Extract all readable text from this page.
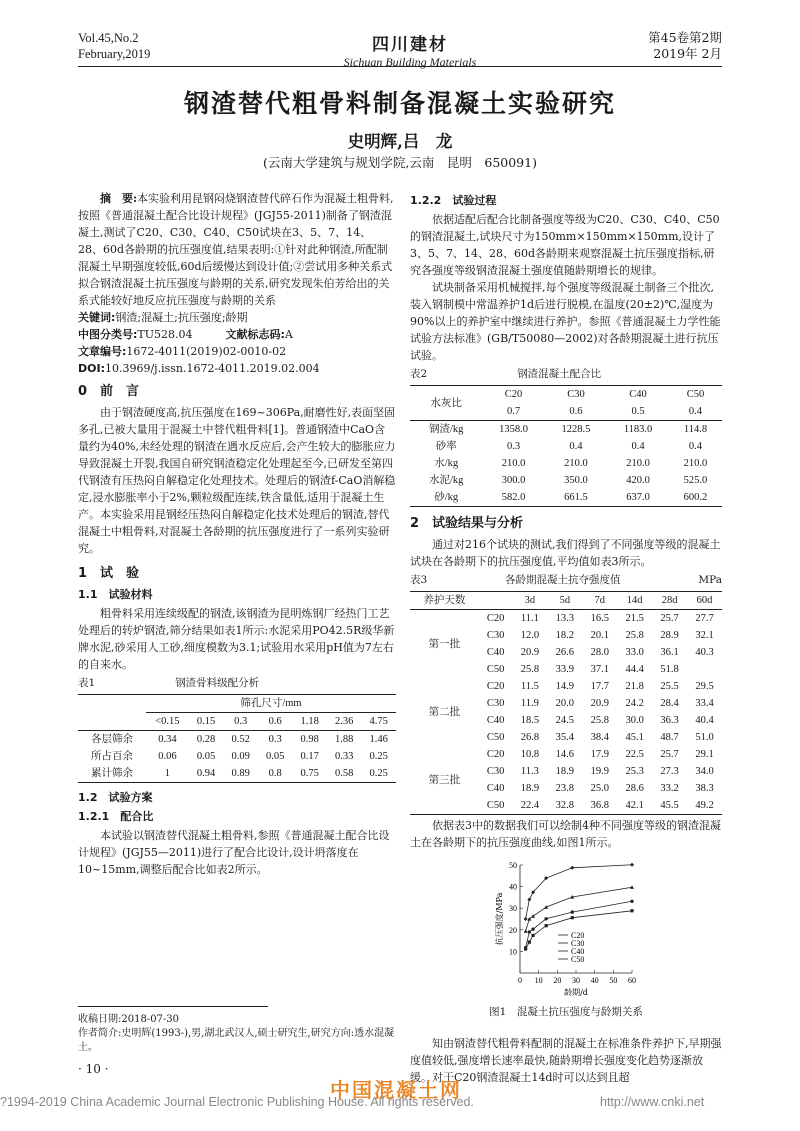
Vol.45,No.2
February,2019	四川建材
Sichuan Building Materials
第45卷第2期
2019年 2月
钢渣替代粗骨料制备混凝土实验研究
史明辉,吕　龙
(云南大学建筑与规划学院,云南　昆明　650091)

摘　要:本实验利用昆钢闷烧钢渣替代碎石作为混凝土粗骨料,按照《普通混凝土配合比设计规程》(JGJ55-2011)制备了钢渣混凝土,测试了C20、C30、C40、C50试块在3、5、7、14、28、60d各龄期的抗压强度值,结果表明:①针对此种钢渣,所配制混凝土早期强度较低,60d后缓慢达到设计值;②尝试用多种关系式拟合钢渣混凝土抗压强度与龄期的关系,研究发现朱伯芳给出的关系式能较好地反应抗压强度与龄期的关系

关键词:钢渣;混凝土;抗压强度;龄期

中图分类号:TU528.04　　　	文献标志码:A

文章编号:1672-4011(2019)02-0010-02

DOI:10.3969/j.issn.1672-4011.2019.02.004

0　前　言

由于钢渣硬度高,抗压强度在169~306Pa,耐磨性好,表面坚固多孔,已被大量用于混凝土中替代粗骨料[1]。普通钢渣中CaO含量约为40%,未经处理的钢渣在遇水反应后,会产生较大的膨胀应力导致混凝土开裂,我国自研究钢渣稳定化处理起至今,已研发至第四代钢渣有压热闷自解稳定化处理技术。处理后的钢渣f-CaO消解稳定,浸水膨胀率小于2%,颗粒级配连续,铁含量低,适用于混凝土生产。本实验采用昆钢经压热闷自解稳定化技术处理后的钢渣,替代混凝土中粗骨料,对混凝土各龄期的抗压强度进行了一系列实验研究。

1　试　验
1.1　试验材料

粗骨料采用连续级配的钢渣,该钢渣为昆明炼钢厂经热门工艺处理后的转炉钢渣,筛分结果如表1所示:水泥采用PO42.5R级华新牌水泥,砂采用人工砂,细度模数为3.1;试验用水采用pH值为7左右的自来水。

表1	钢渣骨料级配分析
	筛孔尺寸/mm						
	<0.15	0.15	0.3	0.6	1.18	2.36	4.75
各层筛余	0.34	0.28	0.52	0.3	0.98	1.88	1.46
所占百余	0.06	0.05	0.09	0.05	0.17	0.33	0.25
累计筛余	1	0.94	0.89	0.8	0.75	0.58	0.25
1.2　试验方案
1.2.1　配合比

本试验以钢渣替代混凝土粗骨料,参照《普通混凝土配合比设计规程》(JGJ55—2011)进行了配合比设计,设计坍落度在10~15mm,调整后配合比如表2所示。

1.2.2　试验过程

依据适配后配合比制备强度等级为C20、C30、C40、C50的钢渣混凝土,试块尺寸为150mm×150mm×150mm,设计了3、5、7、14、28、60d各龄期来观察混凝土抗压强度指标,研究各强度等级钢渣混凝土强度值随龄期增长的规律。

试块制备采用机械搅拌,每个强度等级混凝土制备三个批次,装入钢制模中常温养护1d后进行脱模,在温度(20±2)℃,湿度为90%以上的养护室中继续进行养护。参照《普通混凝土力学性能试验方法标准》(GB/T50080—2002)对各龄期混凝土进行抗压试验。

表2	钢渣混凝土配合比
水灰比	C20	C30	C40	C50
	0.7	0.6	0.5	0.4
钢渣/kg	1358.0	1228.5	1183.0	114.8
砂率	0.3	0.4	0.4	0.4
水/kg	210.0	210.0	210.0	210.0
水泥/kg	300.0	350.0	420.0	525.0
砂/kg	582.0	661.5	637.0	600.2
2　试验结果与分析

通过对216个试块的测试,我们得到了不同强度等级的混凝土试块在各龄期下的抗压强度值,平均值如表3所示。

表3	各龄期混凝土抗夺强度值	MPa
养护天数		3d	5d	7d	14d	28d	60d
第一批	C20	11.1	13.3	16.5	21.5	25.7	27.7
	C30	12.0	18.2	20.1	25.8	28.9	32.1
	C40	20.9	26.6	28.0	33.0	36.1	40.3
	C50	25.8	33.9	37.1	44.4	51.8	
第二批	C20	11.5	14.9	17.7	21.8	25.5	29.5
	C30	11.9	20.0	20.9	24.2	28.4	33.4
	C40	18.5	24.5	25.8	30.0	36.3	40.4
	C50	26.8	35.4	38.4	45.1	48.7	51.0
第三批	C20	10.8	14.6	17.9	22.5	25.7	29.1
	C30	11.3	18.9	19.9	25.3	27.3	34.0
	C40	18.9	23.8	25.0	28.6	33.2	38.3
	C50	22.4	32.8	36.8	42.1	45.5	49.2

依据表3中的数据我们可以绘制4种不同强度等级的钢渣混凝土在各龄期下的抗压强度曲线,如图1所示。

0 10 20 30 40 50 60
10
20
30
40
50
龄期/d
抗压强度/MPa	C20
C30
C40
C50
图1　混凝土抗压强度与龄期关系

知由钢渣替代粗骨料配制的混凝土在标准条件养护下,早期强度值较低,强度增长速率最快,随龄期增长强度变化趋势逐渐放缓。对于C20钢渣混凝土14d时可以达到且超

收稿日期:2018-07-30
作者简介:史明辉(1993-),男,湖北武汉人,硕士研究生,研究方向:透水混凝土。
· 10 ·
中国混凝土网
?1994-2019 China Academic Journal Electronic Publishing House. All rights reserved.	http://www.cnki.net
